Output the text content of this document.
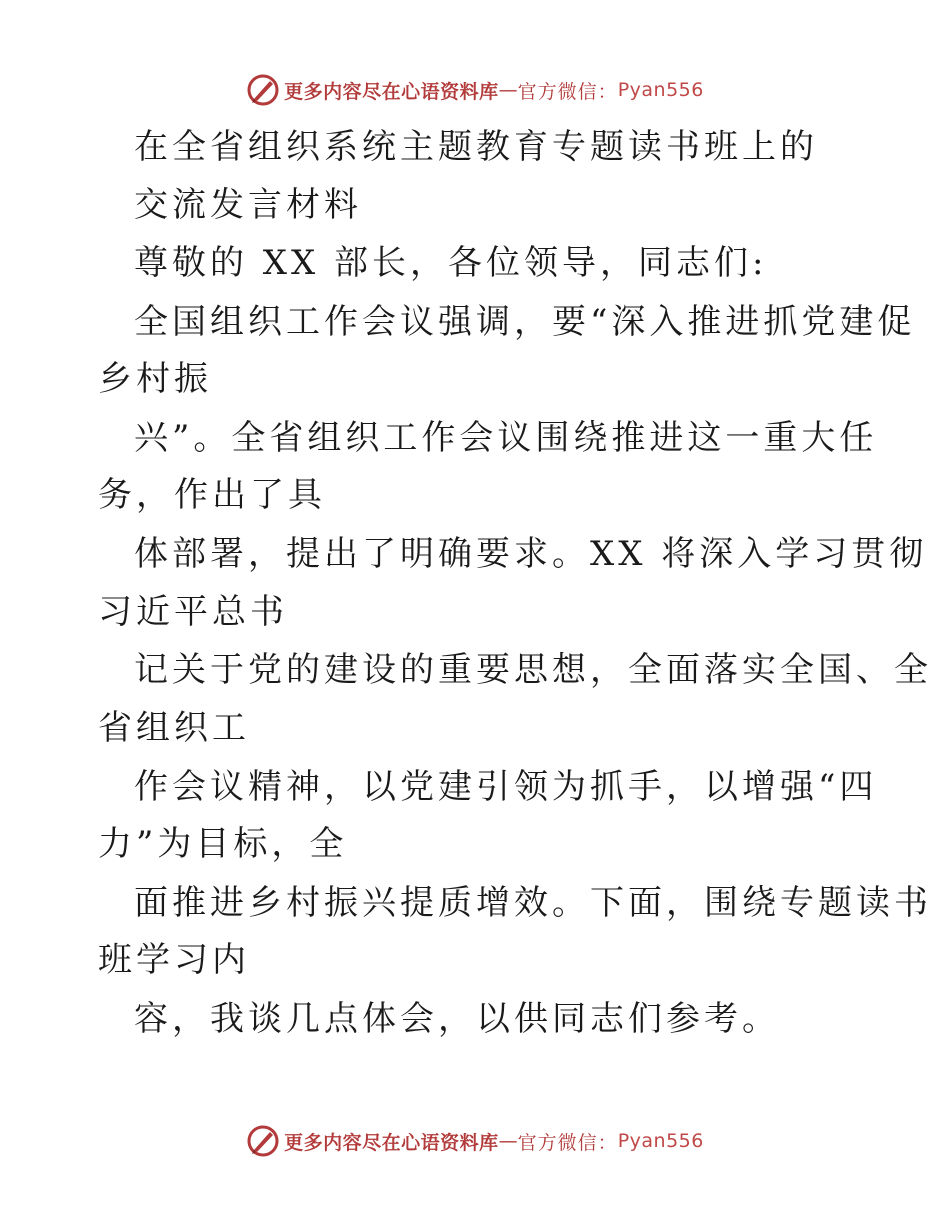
更多内容尽在心语资料库 — 官方微信： Pyan556
在全省组织系统主题教育专题读书班上的
交流发言材料
尊敬的 XX 部长，各位领导，同志们:
全国组织工作会议强调，要“深入推进抓党建促
乡村振
兴”。全省组织工作会议围绕推进这一重大任
务，作出了具
体部署，提出了明确要求。XX 将深入学习贯彻
习近平总书
记关于党的建设的重要思想，全面落实全国、全
省组织工
作会议精神，以党建引领为抓手，以增强“四
力”为目标，全
面推进乡村振兴提质增效。下面，围绕专题读书
班学习内
容，我谈几点体会，以供同志们参考。
更多内容尽在心语资料库 — 官方微信： Pyan556
